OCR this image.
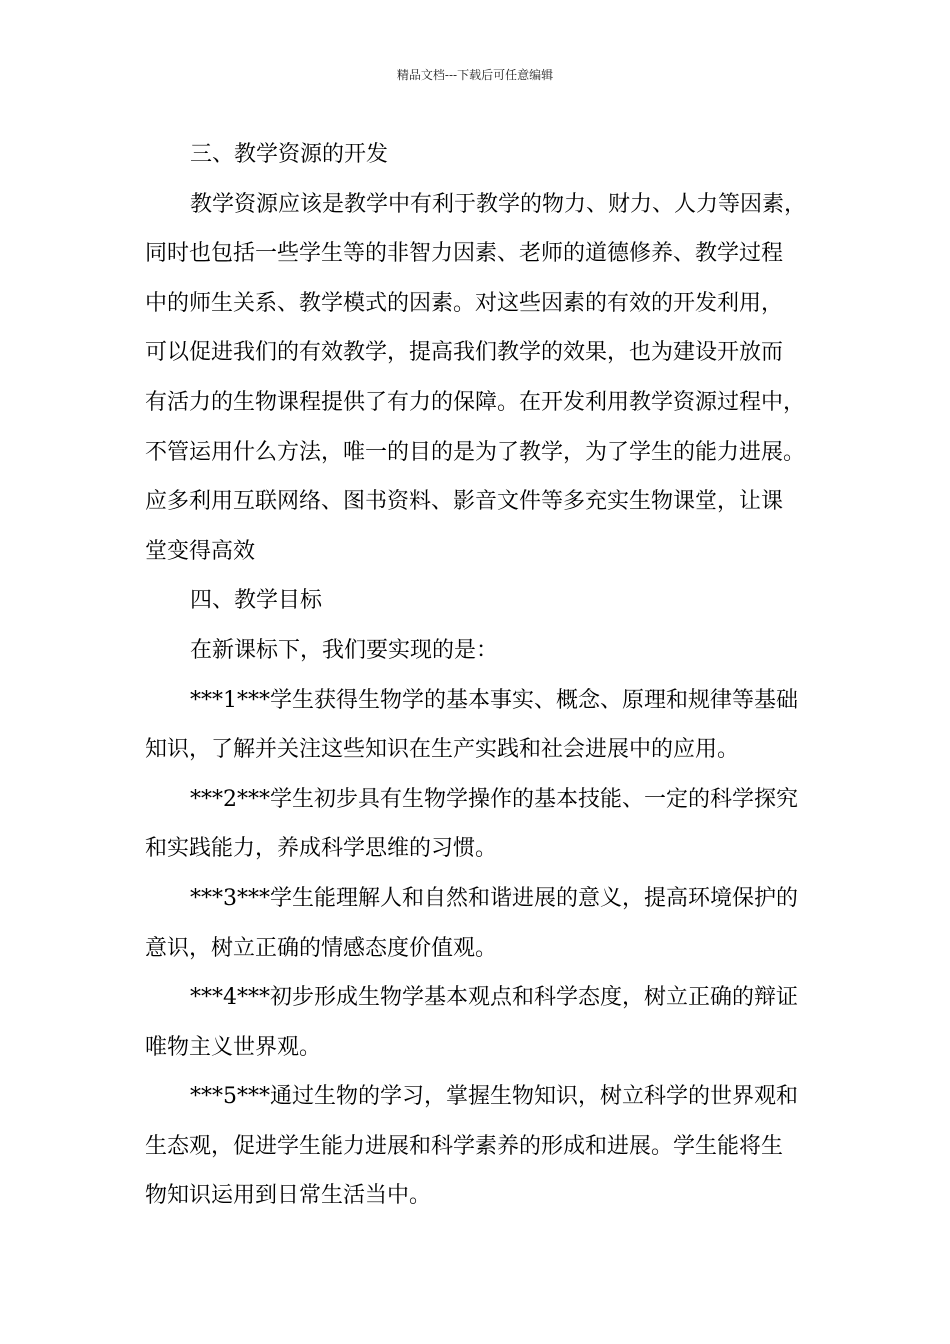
精品文档---下载后可任意编辑

三、教学资源的开发

教学资源应该是教学中有利于教学的物力、财力、人力等因素，

同时也包括一些学生等的非智力因素、老师的道德修养、教学过程

中的师生关系、教学模式的因素。对这些因素的有效的开发利用，

可以促进我们的有效教学，提高我们教学的效果，也为建设开放而

有活力的生物课程提供了有力的保障。在开发利用教学资源过程中，

不管运用什么方法，唯一的目的是为了教学，为了学生的能力进展。

应多利用互联网络、图书资料、影音文件等多充实生物课堂，让课

堂变得高效

四、教学目标

在新课标下，我们要实现的是：

***1***学生获得生物学的基本事实、概念、原理和规律等基础

知识，了解并关注这些知识在生产实践和社会进展中的应用。

***2***学生初步具有生物学操作的基本技能、一定的科学探究

和实践能力，养成科学思维的习惯。

***3***学生能理解人和自然和谐进展的意义，提高环境保护的

意识，树立正确的情感态度价值观。

***4***初步形成生物学基本观点和科学态度，树立正确的辩证

唯物主义世界观。

***5***通过生物的学习，掌握生物知识，树立科学的世界观和

生态观，促进学生能力进展和科学素养的形成和进展。学生能将生

物知识运用到日常生活当中。
